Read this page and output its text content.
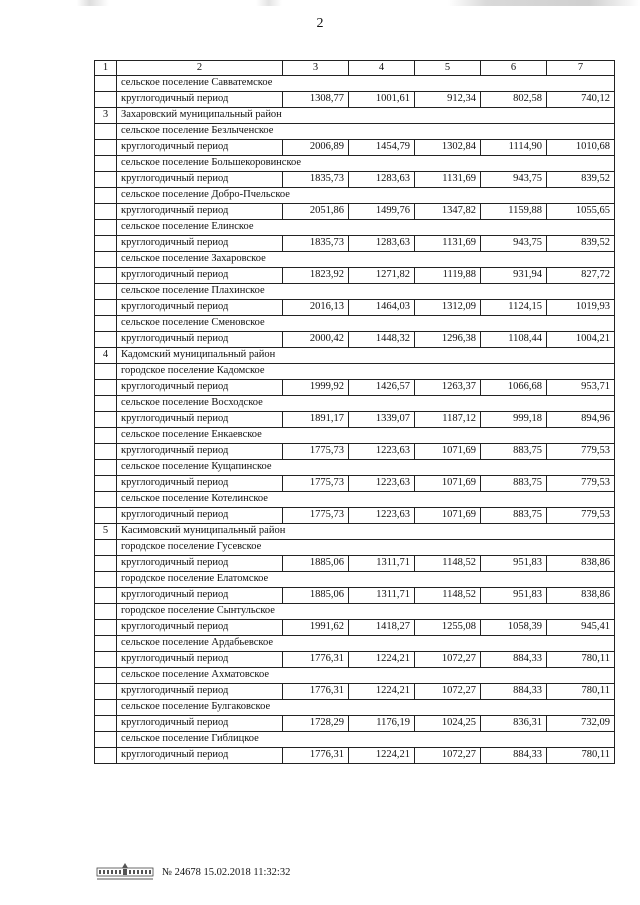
2
1	2	3	4	5	6	7
	сельское поселение Савватемское					
	круглогодичный период	1308,77	1001,61	912,34	802,58	740,12
3	Захаровский муниципальный район					
	сельское поселение Безлыченское					
	круглогодичный период	2006,89	1454,79	1302,84	1114,90	1010,68
	сельское поселение Большекоровинское					
	круглогодичный период	1835,73	1283,63	1131,69	943,75	839,52
	сельское поселение Добро-Пчельское					
	круглогодичный период	2051,86	1499,76	1347,82	1159,88	1055,65
	сельское поселение Елинское					
	круглогодичный период	1835,73	1283,63	1131,69	943,75	839,52
	сельское поселение Захаровское					
	круглогодичный период	1823,92	1271,82	1119,88	931,94	827,72
	сельское поселение Плахинское					
	круглогодичный период	2016,13	1464,03	1312,09	1124,15	1019,93
	сельское поселение Сменовское					
	круглогодичный период	2000,42	1448,32	1296,38	1108,44	1004,21
4	Кадомский муниципальный район					
	городское поселение Кадомское					
	круглогодичный период	1999,92	1426,57	1263,37	1066,68	953,71
	сельское поселение Восходское					
	круглогодичный период	1891,17	1339,07	1187,12	999,18	894,96
	сельское поселение Енкаевское					
	круглогодичный период	1775,73	1223,63	1071,69	883,75	779,53
	сельское поселение Кущапинское					
	круглогодичный период	1775,73	1223,63	1071,69	883,75	779,53
	сельское поселение Котелинское					
	круглогодичный период	1775,73	1223,63	1071,69	883,75	779,53
5	Касимовский муниципальный район					
	городское поселение Гусевское					
	круглогодичный период	1885,06	1311,71	1148,52	951,83	838,86
	городское поселение Елатомское					
	круглогодичный период	1885,06	1311,71	1148,52	951,83	838,86
	городское поселение Сынтульское					
	круглогодичный период	1991,62	1418,27	1255,08	1058,39	945,41
	сельское поселение Ардабьевское					
	круглогодичный период	1776,31	1224,21	1072,27	884,33	780,11
	сельское поселение Ахматовское					
	круглогодичный период	1776,31	1224,21	1072,27	884,33	780,11
	сельское поселение Булгаковское					
	круглогодичный период	1728,29	1176,19	1024,25	836,31	732,09
	сельское поселение Гиблицкое					
	круглогодичный период	1776,31	1224,21	1072,27	884,33	780,11
№ 24678 15.02.2018 11:32:32
